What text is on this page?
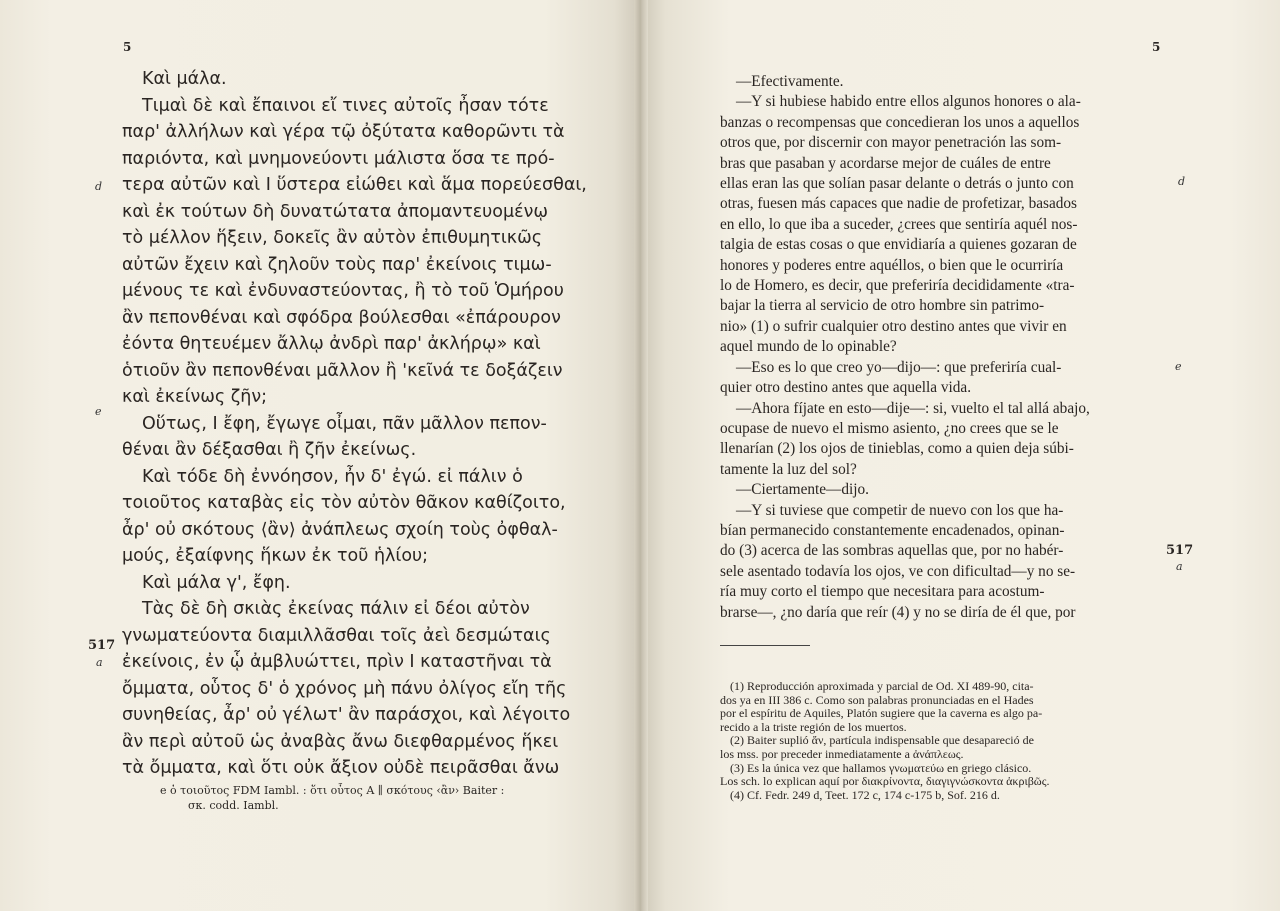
5
Καὶ μάλα.
Τιμαὶ δὲ καὶ ἔπαινοι εἴ τινες αὐτοῖς ἦσαν τότε
παρ' ἀλλήλων καὶ γέρα τῷ ὀξύτατα καθορῶντι τὰ
παριόντα, καὶ μνημονεύοντι μάλιστα ὅσα τε πρό-
τερα αὐτῶν καὶ Ι ὕστερα εἰώθει καὶ ἅμα πορεύεσθαι,
καὶ ἐκ τούτων δὴ δυνατώτατα ἀπομαντευομένῳ
τὸ μέλλον ἥξειν, δοκεῖς ἂν αὐτὸν ἐπιθυμητικῶς
αὐτῶν ἔχειν καὶ ζηλοῦν τοὺς παρ' ἐκείνοις τιμω-
μένους τε καὶ ἐνδυναστεύοντας, ἢ τὸ τοῦ Ὁμήρου
ἂν πεπονθέναι καὶ σφόδρα βούλεσθαι «ἐπάρουρον
ἐόντα θητευέμεν ἄλλῳ ἀνδρὶ παρ' ἀκλήρῳ» καὶ
ὁτιοῦν ἂν πεπονθέναι μᾶλλον ἢ 'κεῖνά τε δοξάζειν
καὶ ἐκείνως ζῆν;
Οὕτως, Ι ἔφη, ἔγωγε οἶμαι, πᾶν μᾶλλον πεπον-
θέναι ἂν δέξασθαι ἢ ζῆν ἐκείνως.
Καὶ τόδε δὴ ἐννόησον, ἦν δ' ἐγώ. εἰ πάλιν ὁ
τοιοῦτος καταβὰς εἰς τὸν αὐτὸν θᾶκον καθίζοιτο,
ἆρ' οὐ σκότους ⟨ἂν⟩ ἀνάπλεως σχοίη τοὺς ὀφθαλ-
μούς, ἐξαίφνης ἥκων ἐκ τοῦ ἡλίου;
Καὶ μάλα γ', ἔφη.
Τὰς δὲ δὴ σκιὰς ἐκείνας πάλιν εἰ δέοι αὐτὸν
γνωματεύοντα διαμιλλᾶσθαι τοῖς ἀεὶ δεσμώταις
ἐκείνοις, ἐν ᾧ ἀμβλυώττει, πρὶν Ι καταστῆναι τὰ
ὄμματα, οὗτος δ' ὁ χρόνος μὴ πάνυ ὀλίγος εἴη τῆς
συνηθείας, ἆρ' οὐ γέλωτ' ἂν παράσχοι, καὶ λέγοιτο
ἂν περὶ αὐτοῦ ὡς ἀναβὰς ἄνω διεφθαρμένος ἥκει
τὰ ὄμματα, καὶ ὅτι οὐκ ἄξιον οὐδὲ πειρᾶσθαι ἄνω
d
e
517
a
e ὁ τοιοῦτος FDM Iambl. : ὅτι οὗτος A ∥ σκότους ‹ἂν› Baiter :
σκ. codd. Iambl.
5
—Efectivamente.
—Y si hubiese habido entre ellos algunos honores o ala-
banzas o recompensas que concedieran los unos a aquellos
otros que, por discernir con mayor penetración las som-
bras que pasaban y acordarse mejor de cuáles de entre
ellas eran las que solían pasar delante o detrás o junto con
otras, fuesen más capaces que nadie de profetizar, basados
en ello, lo que iba a suceder, ¿crees que sentiría aquél nos-
talgia de estas cosas o que envidiaría a quienes gozaran de
honores y poderes entre aquéllos, o bien que le ocurriría
lo de Homero, es decir, que preferiría decididamente «tra-
bajar la tierra al servicio de otro hombre sin patrimo-
nio» (1) o sufrir cualquier otro destino antes que vivir en
aquel mundo de lo opinable?
—Eso es lo que creo yo—dijo—: que preferiría cual-
quier otro destino antes que aquella vida.
—Ahora fíjate en esto—dije—: si, vuelto el tal allá abajo,
ocupase de nuevo el mismo asiento, ¿no crees que se le
llenarían (2) los ojos de tinieblas, como a quien deja súbi-
tamente la luz del sol?
—Ciertamente—dijo.
—Y si tuviese que competir de nuevo con los que ha-
bían permanecido constantemente encadenados, opinan-
do (3) acerca de las sombras aquellas que, por no habér-
sele asentado todavía los ojos, ve con dificultad—y no se-
ría muy corto el tiempo que necesitara para acostum-
brarse—, ¿no daría que reír (4) y no se diría de él que, por
d
e
517
a
(1) Reproducción aproximada y parcial de Od. XI 489-90, cita-
dos ya en III 386 c. Como son palabras pronunciadas en el Hades
por el espíritu de Aquiles, Platón sugiere que la caverna es algo pa-
recido a la triste región de los muertos.
(2) Baiter suplió ἄν, partícula indispensable que desapareció de
los mss. por preceder inmediatamente a ἀνάπλεως.
(3) Es la única vez que hallamos γνωματεύω en griego clásico.
Los sch. lo explican aquí por διακρίνοντα, διαγιγνώσκοντα ἀκριβῶς.
(4) Cf. Fedr. 249 d, Teet. 172 c, 174 c-175 b, Sof. 216 d.
